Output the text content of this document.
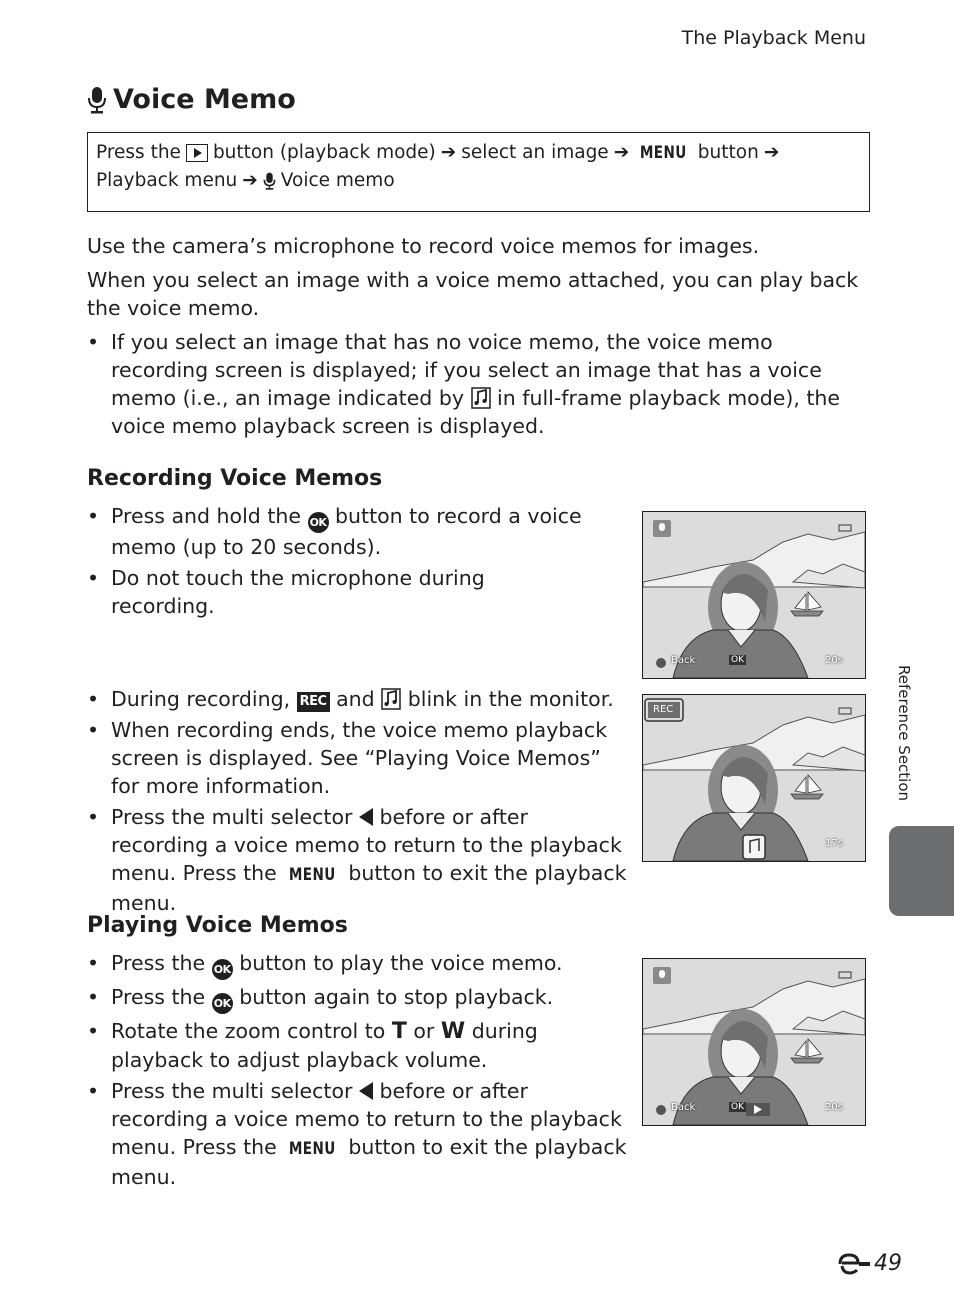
The Playback Menu
Voice Memo
Press the button (playback mode) ➔ select an image ➔ MENU button ➔
Playback menu ➔ Voice memo
Use the camera’s microphone to record voice memos for images.
When you select an image with a voice memo attached, you can play back the voice memo.
• If you select an image that has no voice memo, the voice memo recording screen is displayed; if you select an image that has a voice memo (i.e., an image indicated by in full-frame playback mode), the voice memo playback screen is displayed.
Recording Voice Memos
• Press and hold the OK button to record a voice memo (up to 20 seconds).
• Do not touch the microphone during recording.
• During recording, REC and blink in the monitor.
• When recording ends, the voice memo playback screen is displayed. See “Playing Voice Memos” for more information.
• Press the multi selector before or after recording a voice memo to return to the playback menu. Press the MENU button to exit the playback menu.
Playing Voice Memos
• Press the OK button to play the voice memo.
• Press the OK button again to stop playback.
• Rotate the zoom control to T or W during playback to adjust playback volume.
• Press the multi selector before or after recording a voice memo to return to the playback menu. Press the MENU button to exit the playback menu.
Back	OK	20s
REC
17s
Back	OK	20s
Reference Section
49
